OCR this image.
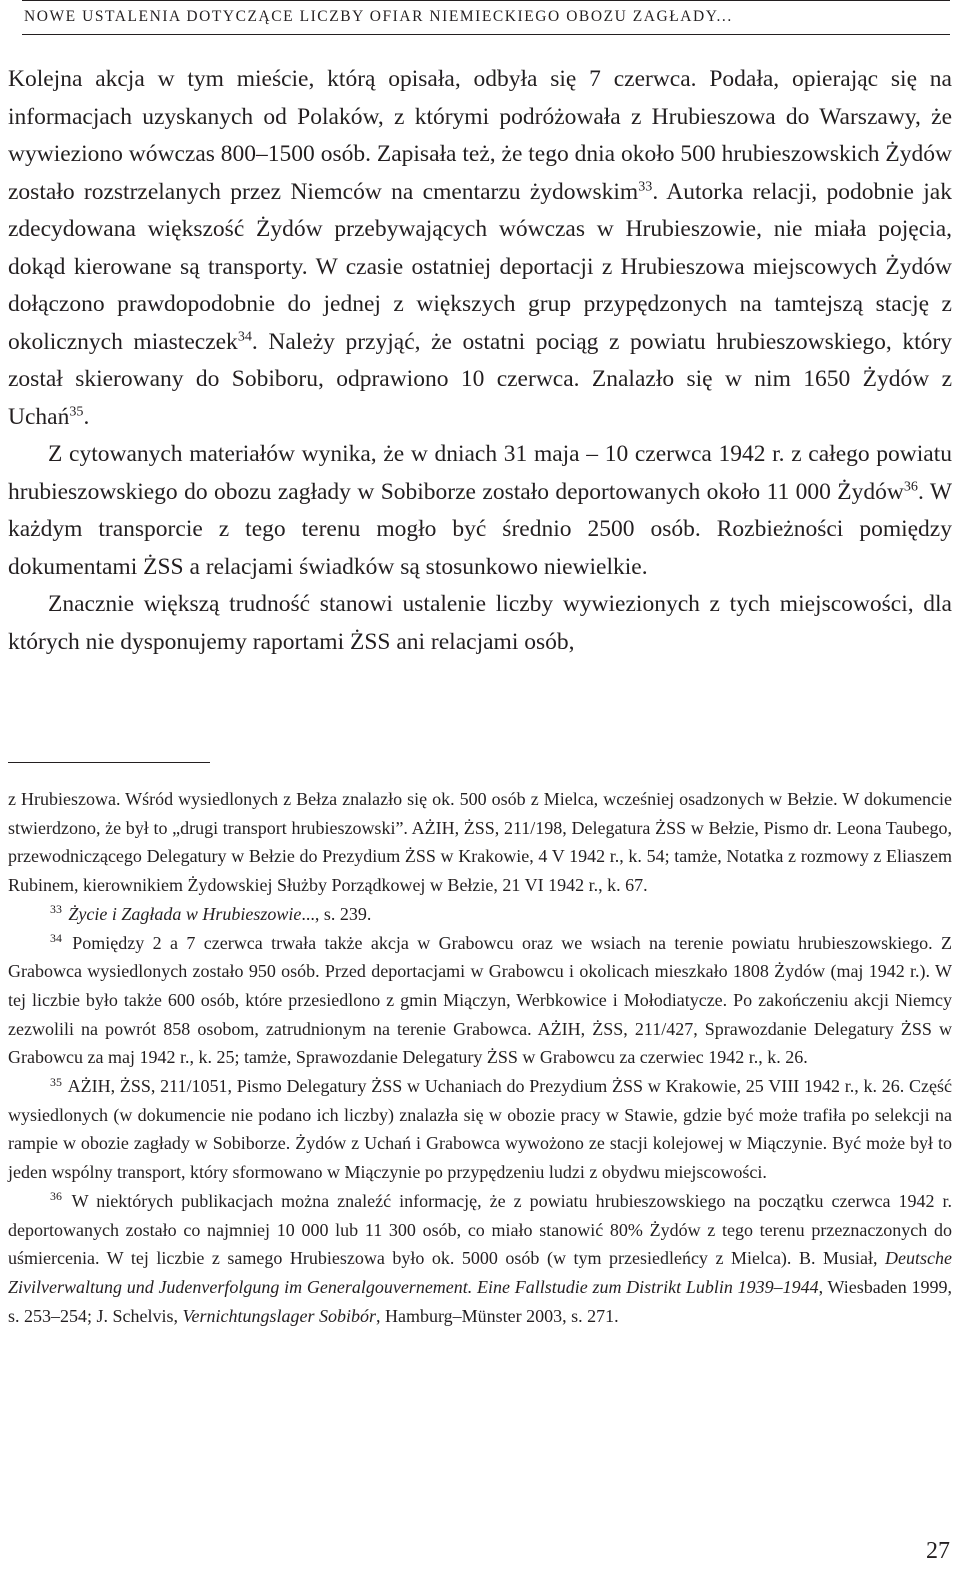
NOWE USTALENIA DOTYCZĄCE LICZBY OFIAR NIEMIECKIEGO OBOZU ZAGŁADY...

Kolejna akcja w tym mieście, którą opisała, odbyła się 7 czerwca. Podała, opierając się na informacjach uzyskanych od Polaków, z którymi podróżowała z Hrubieszowa do Warszawy, że wywieziono wówczas 800–1500 osób. Zapisała też, że tego dnia około 500 hrubieszowskich Żydów zostało rozstrzelanych przez Niemców na cmentarzu żydowskim$^{33}$. Autorka relacji, podobnie jak zdecydowana większość Żydów przebywających wówczas w Hrubieszowie, nie miała pojęcia, dokąd kierowane są transporty. W czasie ostatniej deportacji z Hrubieszowa miejscowych Żydów dołączono prawdopodobnie do jednej z większych grup przypędzonych na tamtejszą stację z okolicznych miasteczek$^{34}$. Należy przyjąć, że ostatni pociąg z powiatu hrubieszowskiego, który został skierowany do Sobiboru, odprawiono 10 czerwca. Znalazło się w nim 1650 Żydów z Uchań$^{35}$.

Z cytowanych materiałów wynika, że w dniach 31 maja – 10 czerwca 1942 r. z całego powiatu hrubieszowskiego do obozu zagłady w Sobiborze zostało deportowanych około 11 000 Żydów$^{36}$. W każdym transporcie z tego terenu mogło być średnio 2500 osób. Rozbieżności pomiędzy dokumentami ŻSS a relacjami świadków są stosunkowo niewielkie.

Znacznie większą trudność stanowi ustalenie liczby wywiezionych z tych miejscowości, dla których nie dysponujemy raportami ŻSS ani relacjami osób,

z Hrubieszowa. Wśród wysiedlonych z Bełza znalazło się ok. 500 osób z Mielca, wcześniej osadzonych w Bełzie. W dokumencie stwierdzono, że był to „drugi transport hrubieszowski”. AŻIH, ŻSS, 211/198, Delegatura ŻSS w Bełzie, Pismo dr. Leona Taubego, przewodniczącego Delegatury w Bełzie do Prezydium ŻSS w Krakowie, 4 V 1942 r., k. 54; tamże, Notatka z rozmowy z Eliaszem Rubinem, kierownikiem Żydowskiej Służby Porządkowej w Bełzie, 21 VI 1942 r., k. 67.

$^{33}$ Życie i Zagłada w Hrubieszowie..., s. 239.

$^{34}$ Pomiędzy 2 a 7 czerwca trwała także akcja w Grabowcu oraz we wsiach na terenie powiatu hrubieszowskiego. Z Grabowca wysiedlonych zostało 950 osób. Przed deportacjami w Grabowcu i okolicach mieszkało 1808 Żydów (maj 1942 r.). W tej liczbie było także 600 osób, które przesiedlono z gmin Miączyn, Werbkowice i Mołodiatycze. Po zakończeniu akcji Niemcy zezwolili na powrót 858 osobom, zatrudnionym na terenie Grabowca. AŻIH, ŻSS, 211/427, Sprawozdanie Delegatury ŻSS w Grabowcu za maj 1942 r., k. 25; tamże, Sprawozdanie Delegatury ŻSS w Grabowcu za czerwiec 1942 r., k. 26.

$^{35}$ AŻIH, ŻSS, 211/1051, Pismo Delegatury ŻSS w Uchaniach do Prezydium ŻSS w Krakowie, 25 VIII 1942 r., k. 26. Część wysiedlonych (w dokumencie nie podano ich liczby) znalazła się w obozie pracy w Stawie, gdzie być może trafiła po selekcji na rampie w obozie zagłady w Sobiborze. Żydów z Uchań i Grabowca wywożono ze stacji kolejowej w Miączynie. Być może był to jeden wspólny transport, który sformowano w Miączynie po przypędzeniu ludzi z obydwu miejscowości.

$^{36}$ W niektórych publikacjach można znaleźć informację, że z powiatu hrubieszowskiego na początku czerwca 1942 r. deportowanych zostało co najmniej 10 000 lub 11 300 osób, co miało stanowić 80% Żydów z tego terenu przeznaczonych do uśmiercenia. W tej liczbie z samego Hrubieszowa było ok. 5000 osób (w tym przesiedleńcy z Mielca). B. Musiał, Deutsche Zivilverwaltung und Judenverfolgung im Generalgouvernement. Eine Fallstudie zum Distrikt Lublin 1939–1944, Wiesbaden 1999, s. 253–254; J. Schelvis, Vernichtungslager Sobibór, Hamburg–Münster 2003, s. 271.

27
